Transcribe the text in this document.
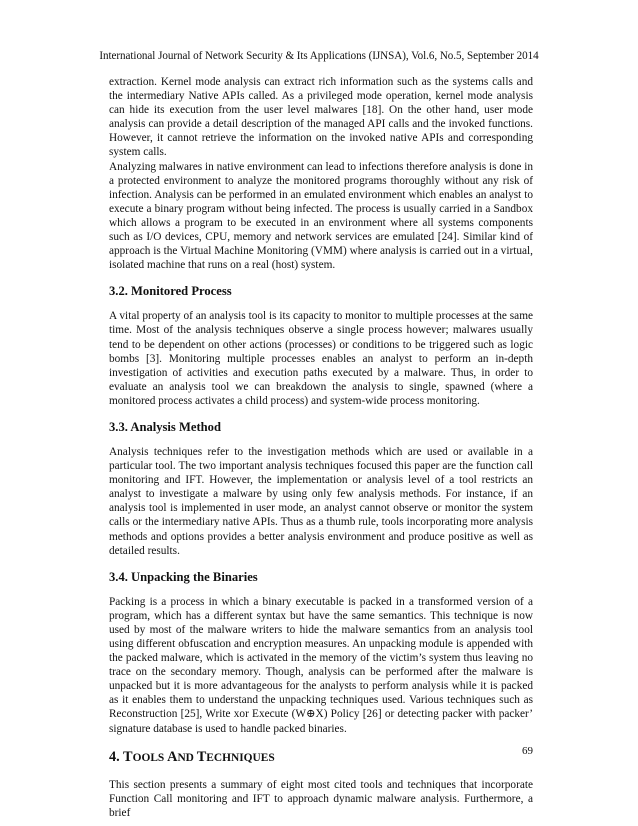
International Journal of Network Security & Its Applications (IJNSA), Vol.6, No.5, September 2014

extraction. Kernel mode analysis can extract rich information such as the systems calls and the intermediary Native APIs called. As a privileged mode operation, kernel mode analysis can hide its execution from the user level malwares [18]. On the other hand, user mode analysis can provide a detail description of the managed API calls and the invoked functions. However, it cannot retrieve the information on the invoked native APIs and corresponding system calls.

Analyzing malwares in native environment can lead to infections therefore analysis is done in a protected environment to analyze the monitored programs thoroughly without any risk of infection. Analysis can be performed in an emulated environment which enables an analyst to execute a binary program without being infected. The process is usually carried in a Sandbox which allows a program to be executed in an environment where all systems components such as I/O devices, CPU, memory and network services are emulated [24]. Similar kind of approach is the Virtual Machine Monitoring (VMM) where analysis is carried out in a virtual, isolated machine that runs on a real (host) system.

3.2. Monitored Process

A vital property of an analysis tool is its capacity to monitor to multiple processes at the same time. Most of the analysis techniques observe a single process however; malwares usually tend to be dependent on other actions (processes) or conditions to be triggered such as logic bombs [3]. Monitoring multiple processes enables an analyst to perform an in-depth investigation of activities and execution paths executed by a malware. Thus, in order to evaluate an analysis tool we can breakdown the analysis to single, spawned (where a monitored process activates a child process) and system-wide process monitoring.

3.3. Analysis Method

Analysis techniques refer to the investigation methods which are used or available in a particular tool. The two important analysis techniques focused this paper are the function call monitoring and IFT. However, the implementation or analysis level of a tool restricts an analyst to investigate a malware by using only few analysis methods. For instance, if an analysis tool is implemented in user mode, an analyst cannot observe or monitor the system calls or the intermediary native APIs. Thus as a thumb rule, tools incorporating more analysis methods and options provides a better analysis environment and produce positive as well as detailed results.

3.4. Unpacking the Binaries

Packing is a process in which a binary executable is packed in a transformed version of a program, which has a different syntax but have the same semantics. This technique is now used by most of the malware writers to hide the malware semantics from an analysis tool using different obfuscation and encryption measures. An unpacking module is appended with the packed malware, which is activated in the memory of the victim’s system thus leaving no trace on the secondary memory. Though, analysis can be performed after the malware is unpacked but it is more advantageous for the analysts to perform analysis while it is packed as it enables them to understand the unpacking techniques used. Various techniques such as Reconstruction [25], Write xor Execute (W⊕X) Policy [26] or detecting packer with packer’ signature database is used to handle packed binaries.

4. TOOLS AND TECHNIQUES

This section presents a summary of eight most cited tools and techniques that incorporate Function Call monitoring and IFT to approach dynamic malware analysis. Furthermore, a brief

69
